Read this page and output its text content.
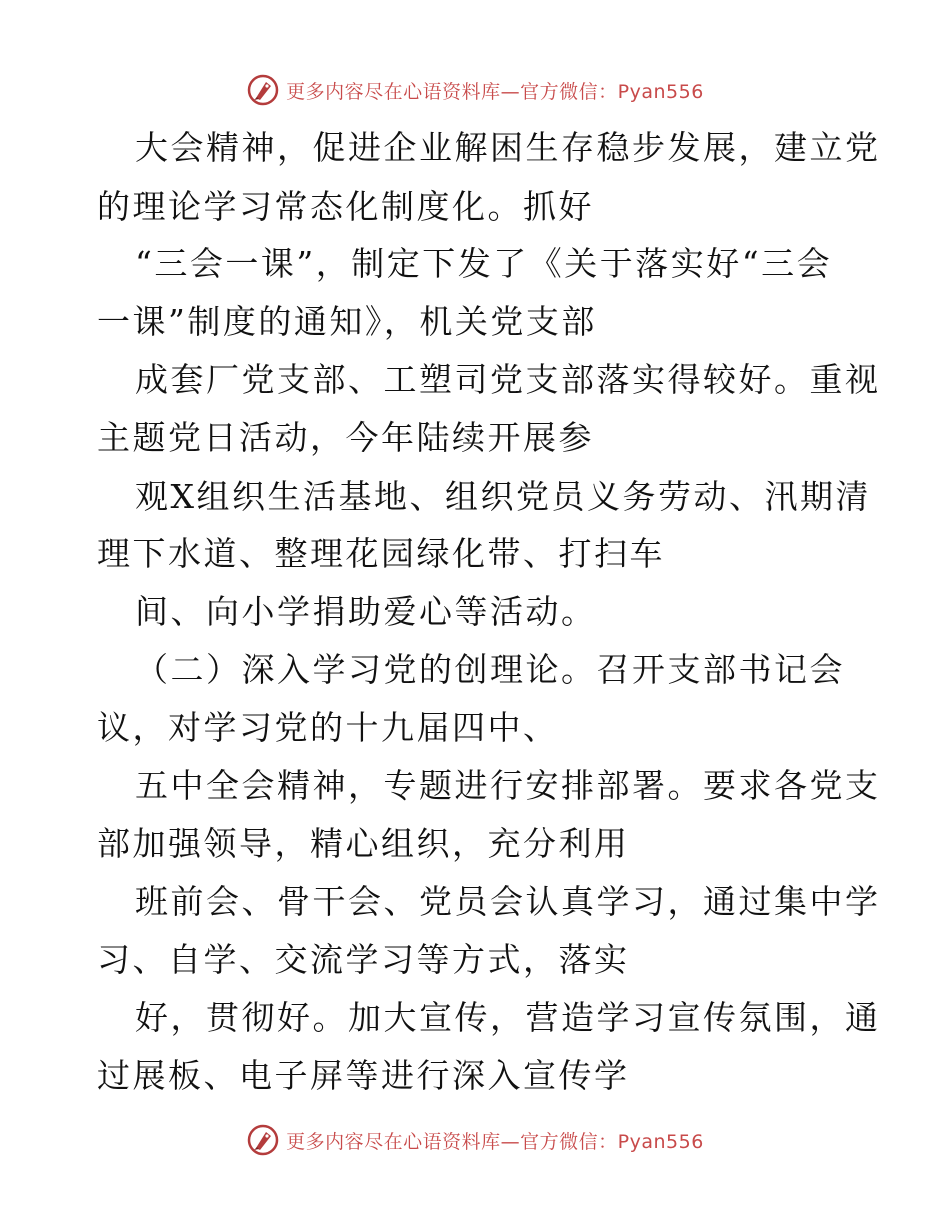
更多内容尽在心语资料库—官方微信：Pyan556
大会精神，促进企业解困生存稳步发展，建立党
的理论学习常态化制度化。抓好
“三会一课”，制定下发了《关于落实好“三会
一课”制度的通知》，机关党支部
成套厂党支部、工塑司党支部落实得较好。重视
主题党日活动，今年陆续开展参
观X组织生活基地、组织党员义务劳动、汛期清
理下水道、整理花园绿化带、打扫车
间、向小学捐助爱心等活动。
（二）深入学习党的创理论。召开支部书记会
议，对学习党的十九届四中、
五中全会精神，专题进行安排部署。要求各党支
部加强领导，精心组织，充分利用
班前会、骨干会、党员会认真学习，通过集中学
习、自学、交流学习等方式，落实
好，贯彻好。加大宣传，营造学习宣传氛围，通
过展板、电子屏等进行深入宣传学
更多内容尽在心语资料库—官方微信：Pyan556
